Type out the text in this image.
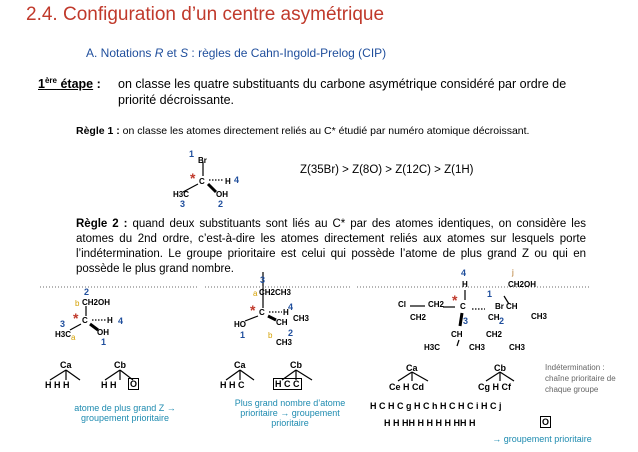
2.4. Configuration d’un centre asymétrique
A. Notations R et S : règles de Cahn-Ingold-Prelog (CIP)
1ère étape : on classe les quatre substituants du carbone asymétrique considéré par ordre de priorité décroissante.
Règle 1 : on classe les atomes directement reliés au C* étudié par numéro atomique décroissant.
Z(35Br) > Z(8O) > Z(12C) > Z(1H)
Règle 2 : quand deux substituants sont liés au C* par des atomes identiques, on considère les atomes du 2nd ordre, c’est-à-dire les atomes directement reliés aux atomes sur lesquels porte l’indétermination. Le groupe prioritaire est celui qui possède l’atome de plus grand Z ou qui en possède le plus grand nombre.
1
Br
* C	H 4
H3C	OH
3	2
2
b CH2OH
* C H 4
3
H3C a
OH
1
3
a CH2CH3
* C H
4
HO	CH CH3
1	b 2
CH3
4
H
j
CH2OH
1
Cl	CH2 * C	Br CH
CH2	CH	CH3
3	2
CH	CH2
H3C	CH3	CH3
Ca	Cb
H H H	H H O
atome de plus grand Z → groupement prioritaire
Ca	Cb
H H C	H C C
Plus grand nombre d’atome prioritaire → groupement prioritaire
Ca	Cb
Ce H Cd	Cg H Cf
H C H C g H C h H C H C i H C j
H H HH H H H H HH H	O
→ groupement prioritaire
Indétermination : chaîne prioritaire de chaque groupe
